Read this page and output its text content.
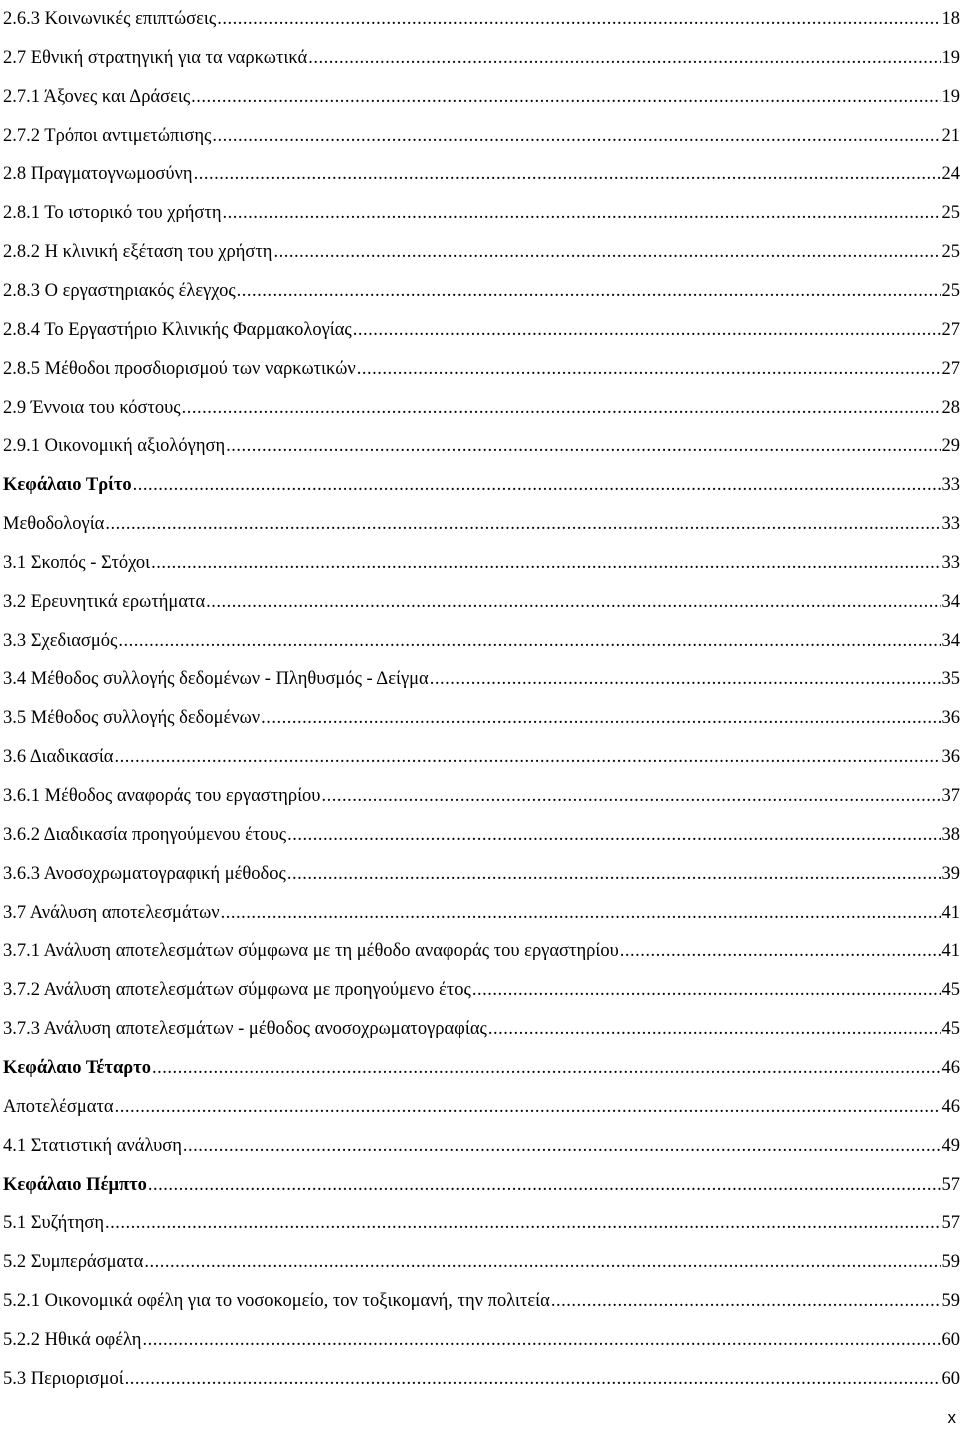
2.6.3 Κοινωνικές επιπτώσεις .....	18
2.7 Εθνική στρατηγική για τα ναρκωτικά .....	19
2.7.1 Άξονες και Δράσεις .....	19
2.7.2 Τρόποι αντιμετώπισης .....	21
2.8 Πραγματογνωμοσύνη .....	24
2.8.1 Το ιστορικό του χρήστη .....	25
2.8.2 Η κλινική εξέταση του χρήστη .....	25
2.8.3 Ο εργαστηριακός έλεγχος .....	25
2.8.4 Το Εργαστήριο Κλινικής Φαρμακολογίας .....	27
2.8.5 Μέθοδοι προσδιορισμού των ναρκωτικών .....	27
2.9 Έννοια του κόστους .....	28
2.9.1 Οικονομική αξιολόγηση .....	29
Κεφάλαιο Τρίτο .....	33
Μεθοδολογία .....	33
3.1 Σκοπός - Στόχοι .....	33
3.2 Ερευνητικά ερωτήματα .....	34
3.3 Σχεδιασμός .....	34
3.4 Μέθοδος συλλογής δεδομένων - Πληθυσμός - Δείγμα .....	35
3.5 Μέθοδος συλλογής δεδομένων .....	36
3.6 Διαδικασία .....	36
3.6.1 Μέθοδος αναφοράς του εργαστηρίου .....	37
3.6.2 Διαδικασία προηγούμενου έτους .....	38
3.6.3 Ανοσοχρωματογραφική μέθοδος .....	39
3.7 Ανάλυση αποτελεσμάτων .....	41
3.7.1 Ανάλυση αποτελεσμάτων σύμφωνα με τη μέθοδο αναφοράς του εργαστηρίου .....	41
3.7.2 Ανάλυση αποτελεσμάτων σύμφωνα με προηγούμενο έτος .....	45
3.7.3 Ανάλυση αποτελεσμάτων - μέθοδος ανοσοχρωματογραφίας .....	45
Κεφάλαιο Τέταρτο .....	46
Αποτελέσματα .....	46
4.1 Στατιστική ανάλυση .....	49
Κεφάλαιο Πέμπτο .....	57
5.1 Συζήτηση .....	57
5.2 Συμπεράσματα .....	59
5.2.1 Οικονομικά οφέλη για το νοσοκομείο, τον τοξικομανή, την πολιτεία .....	59
5.2.2 Ηθικά οφέλη .....	60
5.3 Περιορισμοί .....	60
x
